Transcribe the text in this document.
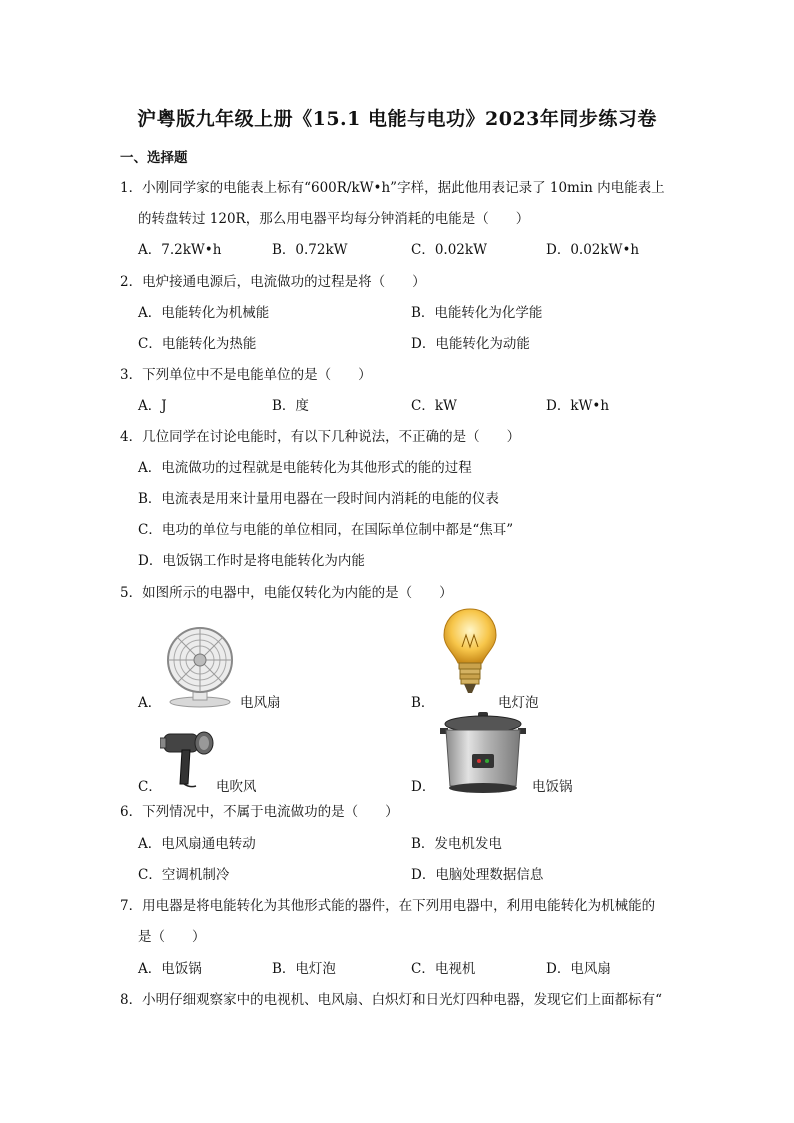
沪粤版九年级上册《15.1 电能与电功》2023年同步练习卷
一、选择题
1．小刚同学家的电能表上标有“600R/kW•h”字样，据此他用表记录了 10min 内电能表上
的转盘转过 120R，那么用电器平均每分钟消耗的电能是（　　）
A．7.2kW•h	B．0.72kW	C．0.02kW	D．0.02kW•h
2．电炉接通电源后，电流做功的过程是将（　　）
A．电能转化为机械能	B．电能转化为化学能
C．电能转化为热能	D．电能转化为动能
3．下列单位中不是电能单位的是（　　）
A．J	B．度	C．kW	D．kW•h
4．几位同学在讨论电能时，有以下几种说法，不正确的是（　　）
A．电流做功的过程就是电能转化为其他形式的能的过程
B．电流表是用来计量用电器在一段时间内消耗的电能的仪表
C．电功的单位与电能的单位相同，在国际单位制中都是“焦耳”
D．电饭锅工作时是将电能转化为内能
5．如图所示的电器中，电能仅转化为内能的是（　　）
A．	电风扇	B．	电灯泡
C．	电吹风	D．	电饭锅
6．下列情况中，不属于电流做功的是（　　）
A．电风扇通电转动	B．发电机发电
C．空调机制冷	D．电脑处理数据信息
7．用电器是将电能转化为其他形式能的器件，在下列用电器中，利用电能转化为机械能的
是（　　）
A．电饭锅	B．电灯泡	C．电视机	D．电风扇
8．小明仔细观察家中的电视机、电风扇、白炽灯和日光灯四种电器，发现它们上面都标有“
